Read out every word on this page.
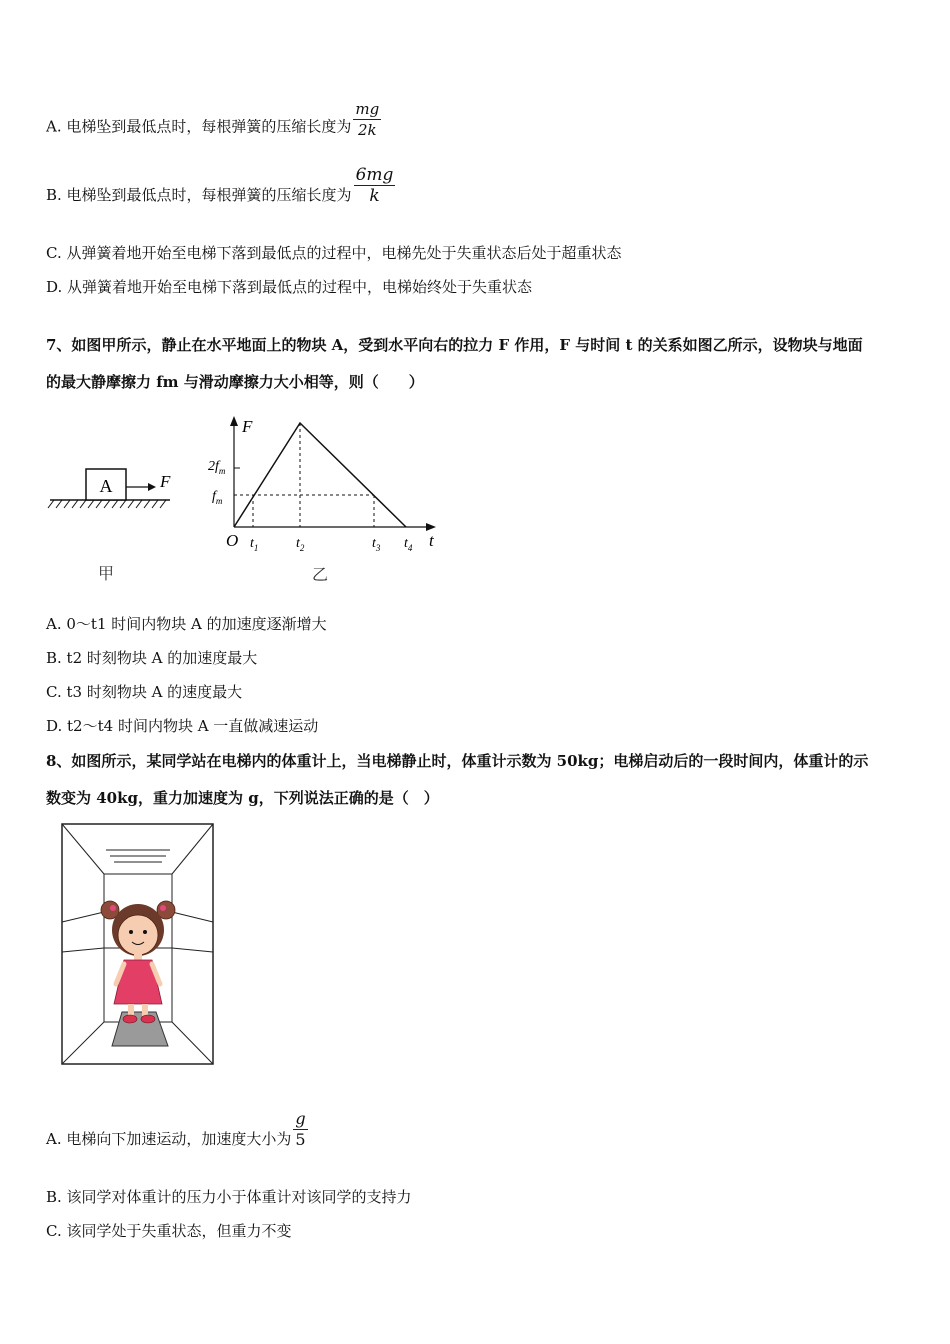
A. 电梯坠到最低点时，每根弹簧的压缩长度为 $\frac{mg}{2k}$
B. 电梯坠到最低点时，每根弹簧的压缩长度为 $\frac{6mg}{k}$
C. 从弹簧着地开始至电梯下落到最低点的过程中，电梯先处于失重状态后处于超重状态
D. 从弹簧着地开始至电梯下落到最低点的过程中，电梯始终处于失重状态
7、如图甲所示，静止在水平地面上的物块 A，受到水平向右的拉力 F 作用，F 与时间 t 的关系如图乙所示，设物块与地面
的最大静摩擦力 fm 与滑动摩擦力大小相等，则（　　）
A	F
甲
F
t
O
$2f_m$
$f_m$
$t_1$	$t_2$	$t_3$ $t_4$
乙
A. 0～t1 时间内物块 A 的加速度逐渐增大
B. t2 时刻物块 A 的加速度最大
C. t3 时刻物块 A 的速度最大
D. t2～t4 时间内物块 A 一直做减速运动
8、如图所示，某同学站在电梯内的体重计上，当电梯静止时，体重计示数为 50kg；电梯启动后的一段时间内，体重计的示
数变为 40kg，重力加速度为 g，下列说法正确的是（　）
A. 电梯向下加速运动，加速度大小为 $\frac{g}{5}$
B. 该同学对体重计的压力小于体重计对该同学的支持力
C. 该同学处于失重状态，但重力不变
